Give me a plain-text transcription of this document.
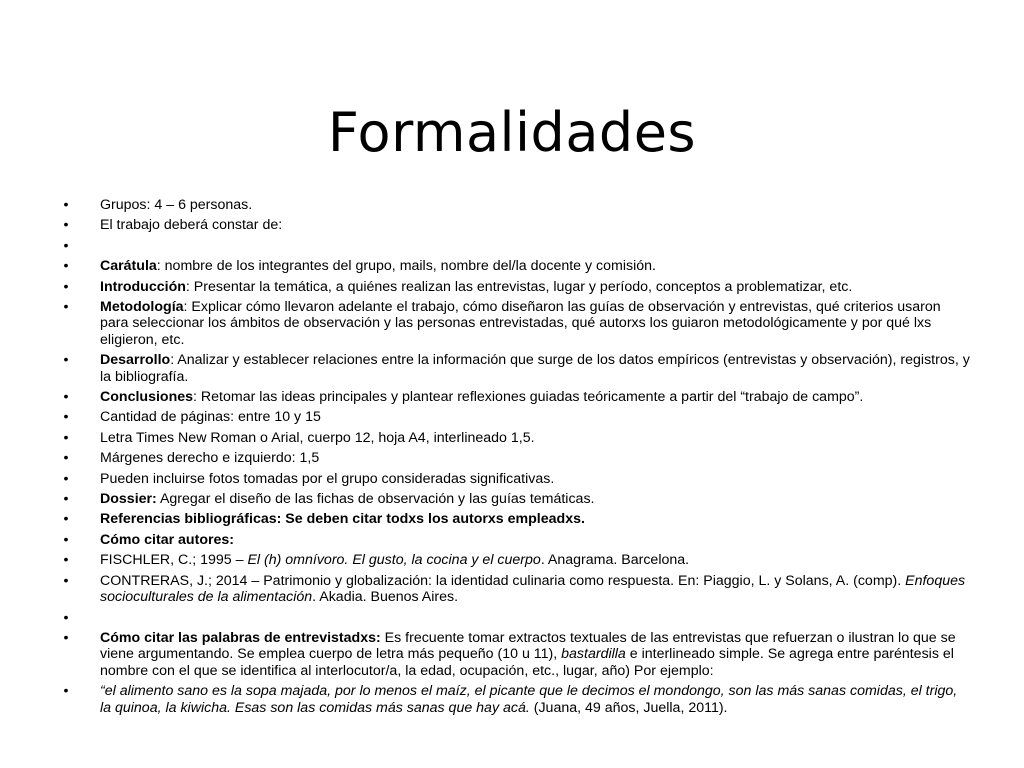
Formalidades
• Grupos: 4 – 6 personas.
• El trabajo deberá constar de:
•
• Carátula: nombre de los integrantes del grupo, mails, nombre del/la docente y comisión.
• Introducción: Presentar la temática, a quiénes realizan las entrevistas, lugar y período, conceptos a problematizar, etc.
• Metodología: Explicar cómo llevaron adelante el trabajo, cómo diseñaron las guías de observación y entrevistas, qué criterios usaron para seleccionar los ámbitos de observación y las personas entrevistadas, qué autorxs los guiaron metodológicamente y por qué lxs eligieron, etc.
• Desarrollo: Analizar y establecer relaciones entre la información que surge de los datos empíricos (entrevistas y observación), registros, y la bibliografía.
• Conclusiones: Retomar las ideas principales y plantear reflexiones guiadas teóricamente a partir del “trabajo de campo”.
• Cantidad de páginas: entre 10 y 15
• Letra Times New Roman o Arial, cuerpo 12, hoja A4, interlineado 1,5.
• Márgenes derecho e izquierdo: 1,5
• Pueden incluirse fotos tomadas por el grupo consideradas significativas.
• Dossier: Agregar el diseño de las fichas de observación y las guías temáticas.
• Referencias bibliográficas: Se deben citar todxs los autorxs empleadxs.
• Cómo citar autores:
• FISCHLER, C.; 1995 – El (h) omnívoro. El gusto, la cocina y el cuerpo. Anagrama. Barcelona.
• CONTRERAS, J.; 2014 – Patrimonio y globalización: la identidad culinaria como respuesta. En: Piaggio, L. y Solans, A. (comp). Enfoques socioculturales de la alimentación. Akadia. Buenos Aires.
•
• Cómo citar las palabras de entrevistadxs: Es frecuente tomar extractos textuales de las entrevistas que refuerzan o ilustran lo que se viene argumentando. Se emplea cuerpo de letra más pequeño (10 u 11), bastardilla e interlineado simple. Se agrega entre paréntesis el nombre con el que se identifica al interlocutor/a, la edad, ocupación, etc., lugar, año) Por ejemplo:
• “el alimento sano es la sopa majada, por lo menos el maíz, el picante que le decimos el mondongo, son las más sanas comidas, el trigo, la quinoa, la kiwicha. Esas son las comidas más sanas que hay acá. (Juana, 49 años, Juella, 2011).
